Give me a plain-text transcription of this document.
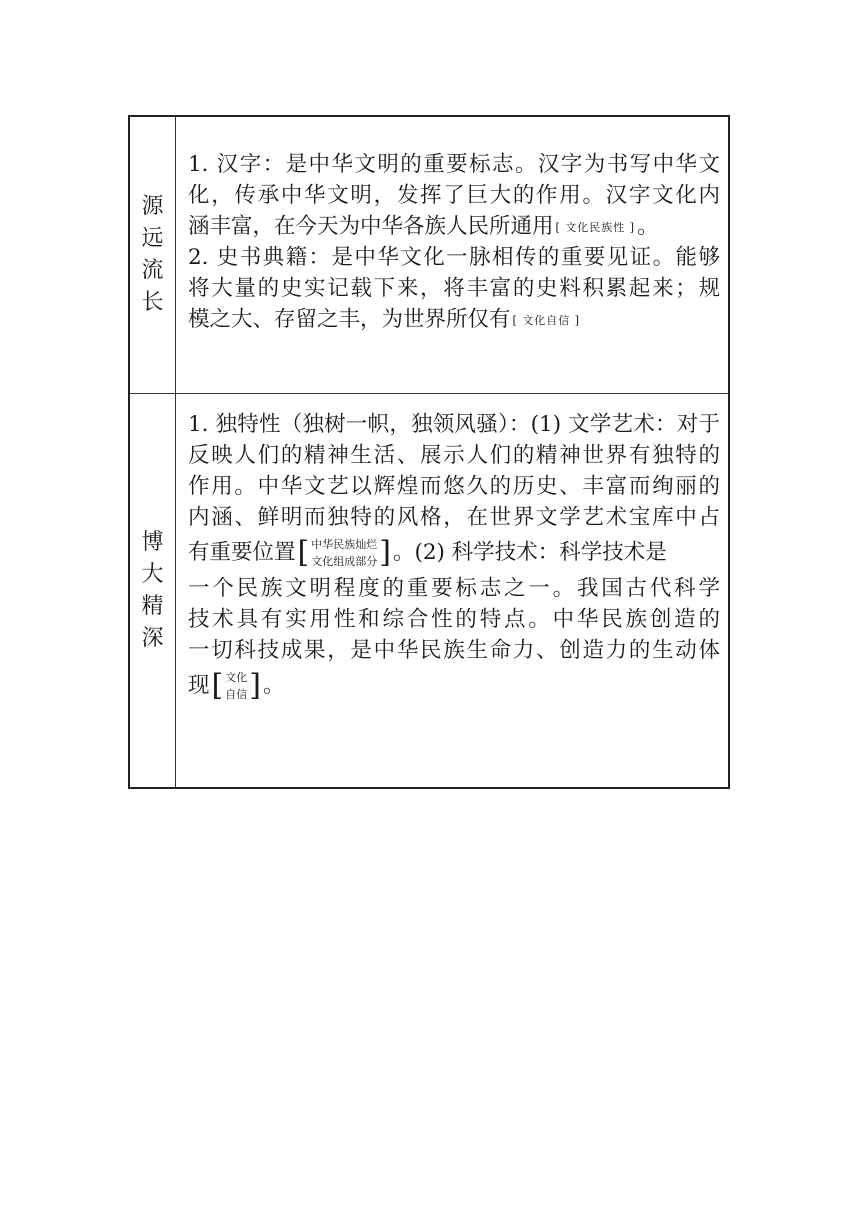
源
远
流
长
1. 汉字：是中华文明的重要标志。汉字为书写中华文
化，传承中华文明，发挥了巨大的作用。汉字文化内
涵丰富，在今天为中华各族人民所通用 [ 文化民族性 ]。
2. 史书典籍：是中华文化一脉相传的重要见证。能够
将大量的史实记载下来，将丰富的史料积累起来；规
模之大、存留之丰，为世界所仅有 [ 文化自信 ]
博
大
精
深
1. 独特性（独树一帜，独领风骚）：(1) 文学艺术：对于
反映人们的精神生活、展示人们的精神世界有独特的
作用。中华文艺以辉煌而悠久的历史、丰富而绚丽的
内涵、鲜明而独特的风格，在世界文学艺术宝库中占
有重要位置 [ 中华民族灿烂
文化组成部分 ] 。(2) 科学技术：科学技术是
一个民族文明程度的重要标志之一。我国古代科学
技术具有实用性和综合性的特点。中华民族创造的
一切科技成果，是中华民族生命力、创造力的生动体
现 [ 文化
自信 ] 。
